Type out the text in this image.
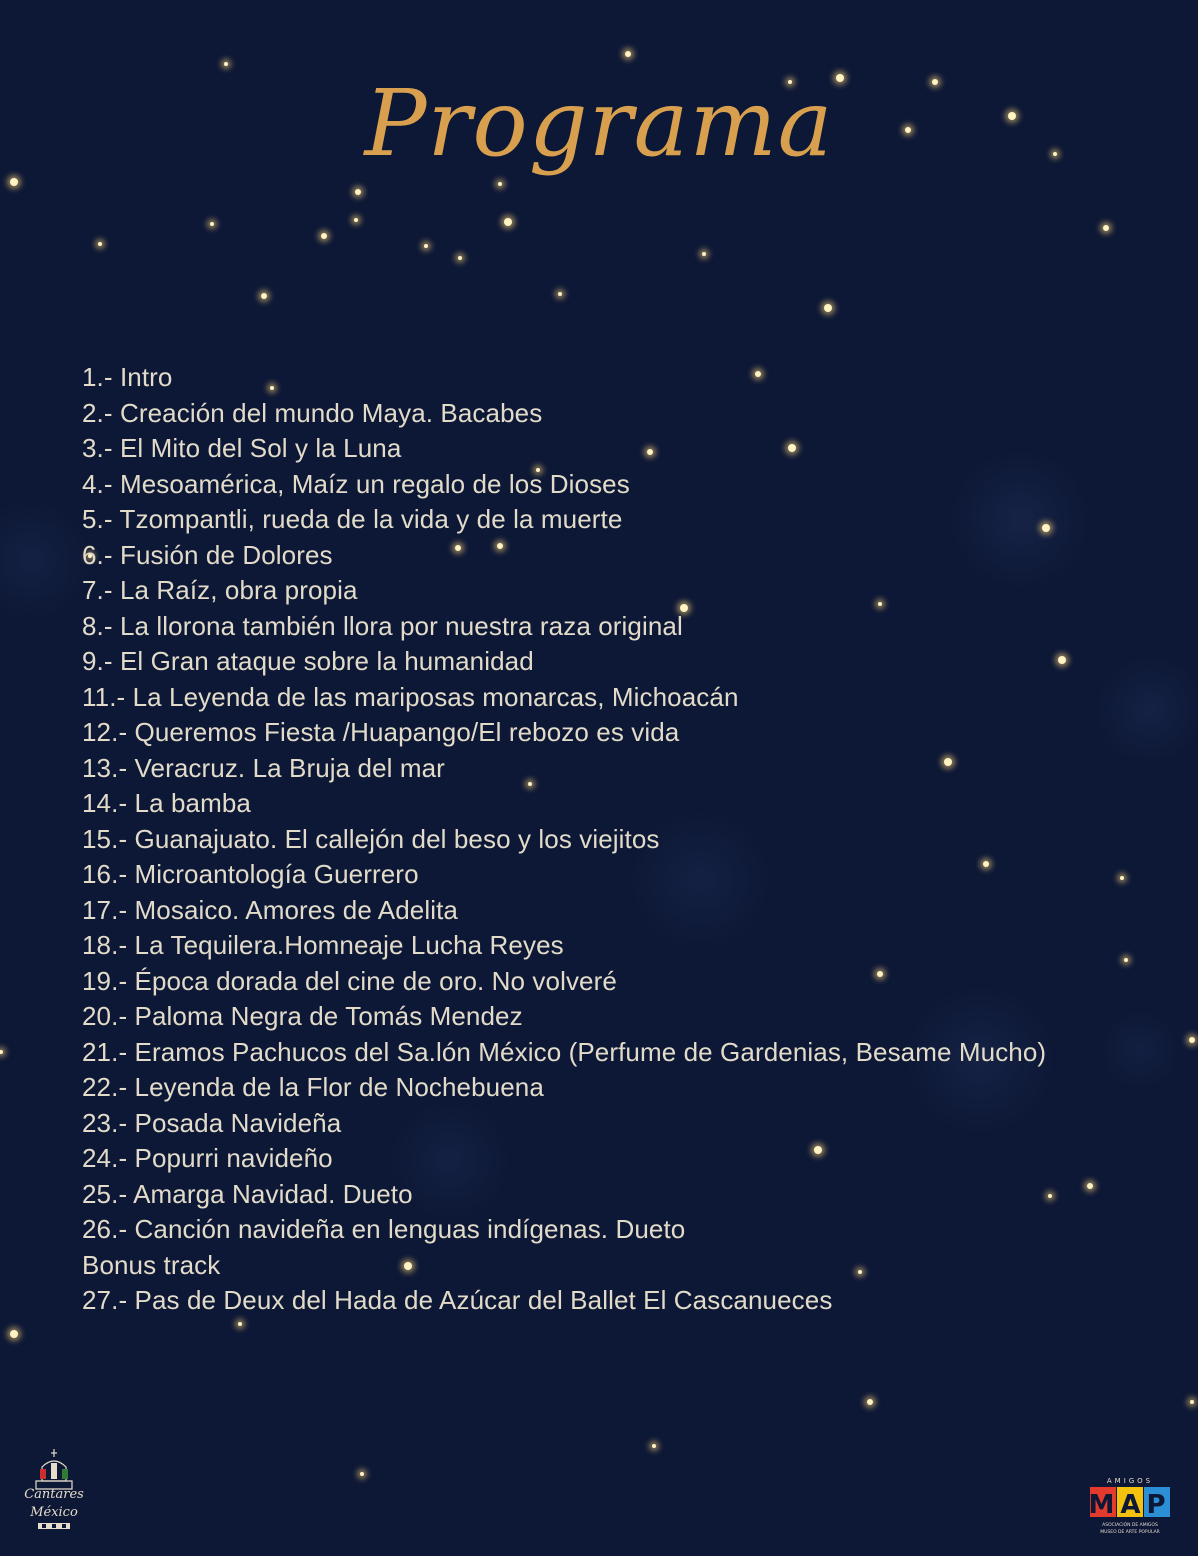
Programa
1.- Intro
2.- Creación del mundo Maya. Bacabes
3.- El Mito del Sol y la Luna
4.- Mesoamérica, Maíz un regalo de los Dioses
5.- Tzompantli, rueda de la vida y de la muerte
6.- Fusión de Dolores
7.- La Raíz, obra propia
8.- La llorona también llora por nuestra raza original
9.- El Gran ataque sobre la humanidad
11.- La Leyenda de las mariposas monarcas, Michoacán
12.- Queremos Fiesta /Huapango/El rebozo es vida
13.- Veracruz. La Bruja del mar
14.- La bamba
15.- Guanajuato. El callejón del beso y los viejitos
16.- Microantología Guerrero
17.- Mosaico. Amores de Adelita
18.- La Tequilera.Homneaje Lucha Reyes
19.- Época dorada del cine de oro. No volveré
20.- Paloma Negra de Tomás Mendez
21.- Eramos Pachucos del Sa.lón México (Perfume de Gardenias, Besame Mucho)
22.- Leyenda de la Flor de Nochebuena
23.- Posada Navideña
24.- Popurri navideño
25.- Amarga Navidad. Dueto
26.- Canción navideña en lenguas indígenas. Dueto
Bonus track
27.- Pas de Deux del Hada de Azúcar del Ballet El Cascanueces
Cantares
México
AMIGOS
MAP
ASOCIACIÓN DE AMIGOS
MUSEO DE ARTE POPULAR
